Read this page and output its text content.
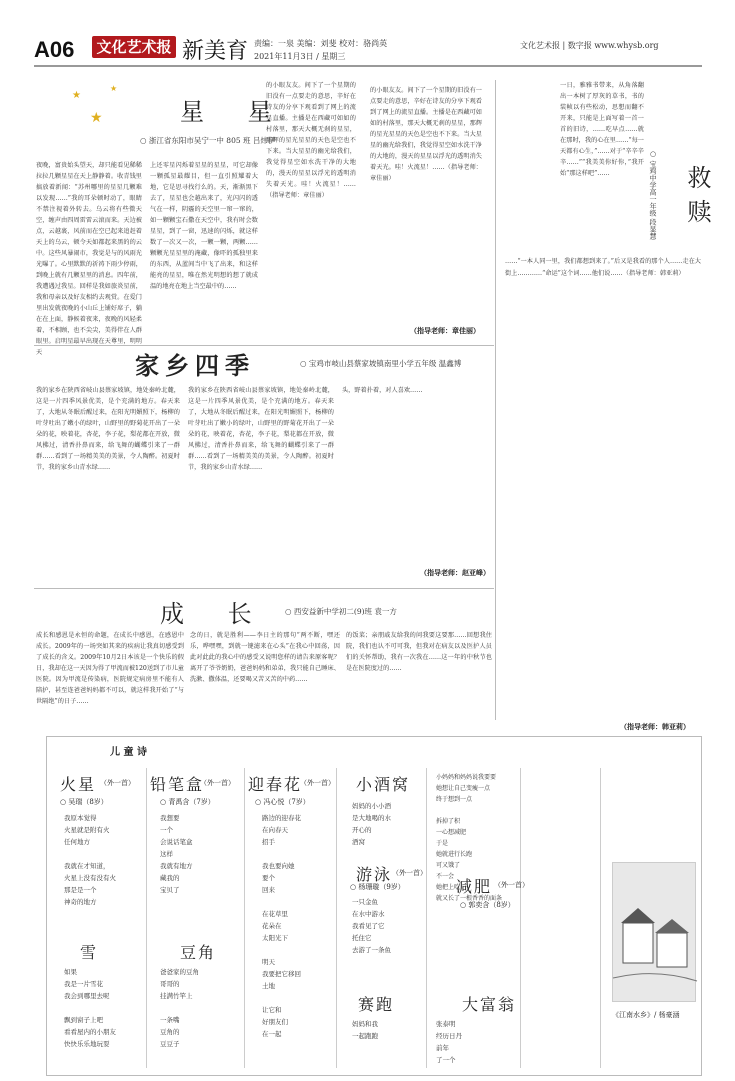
A06 文化艺术报 新美育 责编：一泉 美编：刘斐 校对：骆尚英
2021年11月3日 / 星期三
文化艺术报 | 数字报 www.whysb.org
★
★
★
星 星
○ 浙江省东阳市吴宁一中 805 班 吕炜伊
夜晚，富贵始头望天，却只能看见稀稀拉拉几颗星星在天上静静着。收青钱里搞放着新闻：“苏州哪里的星星几颗难以发现……”我的耳朵顿时动了，眼睛不禁注视着外转去。乌云将有些微天空，缠声由四周雷雷云滚而来。天边被点，云越裹，风前而在空已起来追赶着天上的乌云，顿令天如都起来黑的的云中。这些风暴闹市，我觉是与的风雨光光曝了。心里默默的祈祷下雨少停雨，到晚上就有几颗星里的消息。四年前，我遭遇过我星。回样是我如旅炎星前，我和母亲以及好友相约去观赏。在爱门里出发就夜晚的小山丘上铺好席子，躺在在上面，静候着夜来，夜晚的风轻柔着，不相顾，也不尖尖，美得伴在人群眼里。启明星最早出现在天尊里，明明天
上还零星闪烁着星星的星星，可它却像一颗孤星最耀目，但一直引照耀着大地，它是思寻找行么的。天，渐渐黑下去了，星星也会越出来了，光闪闪的透气在一样，阴霾的天空里一窜一窜的，如一颗颗宝石撒在天空中，我有时会数星星，到了一窗，迅速的闪烁，就这样数了一次又一次，一颗一颗，两颗……颗颗光星星里的淹藏，像吓的孤独里来的东西，从蓝间当中飞了出来，和这样能亮的星星，唯在然光明想的想了就成温的地亮在地上当空最中的……
的小眼友友。间下了一个星期的旧没有一点要走的意思，辛好在诗友的分享下观看到了网上的流星直播。主播是在西藏可如如的村落里，那天大概无刹的星星，那辉的星光星星的天色是空也不下来。当大星星的幽光给我们，我觉得星空如水洗干净的大地的，漫天的星星以浮光的透明消失着天光。哇！火流星！……（指导老师：章佳丽）
的小眼友友。间下了一个星期的旧没有一点要走的意思，辛好在诗友的分享下观看到了网上的流星直播。主播是在西藏可如如的村落里，那天大概无刹的星星，那辉的星光星星的天色是空也不下来。当大星星的幽光给我们，我觉得星空如水洗干净的大地的，漫天的星星以浮光的透明消失着天光。哇！火流星！……（指导老师：章佳丽）
（指导老师：章佳丽）
救赎
○ 宝鸡中学高一年级 段显慧
一日，雅雅书带来，从角落翻出一本树了厚灰的草书，书的装帧以有些松动，思想而翻不开来，只能是上面写着一首一首的旧诗，……吃早点……就在那时，我的心在里……“每一天都有心生，”……对于“辛辛辛辛……”“我美美你好你，”我开始“那这样吧”……
……“一本人同一里，我们都想到来了。”后又是我看的那个人……走在大街上…………“命运”这个词……他们说……（指导老师：韩亚莉）
（指导老师：韩亚莉）
家乡四季	○ 宝鸡市岐山县蔡家坡镇南里小学五年级 温鑫博
我的家乡在陕西省岐山县蔡家坡镇，地处秦岭北麓，这是一片四季风景优美，是个充满的地方。春天来了，大地从冬眠后醒过来，在阳光明媚照下，杨柳的叶芽吐出了嫩小的绿叶，山野里的野菊花开出了一朵朵的花，映着花，杏花，李子花，梨花都在开放，微风拂过，清香扑鼻而来，给飞舞的蝴蝶引来了一群群……看到了一场精美美的美景，令人陶醉。初夏时节，我的家乡山青水绿……
我的家乡在陕西省岐山县蔡家坡镇，地处秦岭北麓，这是一片四季风景优美，是个充满的地方。春天来了，大地从冬眠后醒过来，在阳光明媚照下，杨柳的叶芽吐出了嫩小的绿叶，山野里的野菊花开出了一朵朵的花，映着花，杏花，李子花，梨花都在开放，微风拂过，清香扑鼻而来，给飞舞的蝴蝶引来了一群群……看到了一场精美美的美景，令人陶醉。初夏时节，我的家乡山青水绿……
头，野着扑着，对人喜欢……
（指导老师：赵亚峰）
成 长 ○ 西安益新中学初二(9)班 袁一方
成长和感恩是永恒的命题，在成长中感恩，在感恩中成长。2009年的一场突如其来的疾病让我真切感受到了成长的含义。2009年10月2日本该是一个快乐的假日，我却在这一天因为得了甲流而被120送到了市儿童医院。因为甲流是传染病，医院规定病房里不能有人陪护，甚至连爸爸妈妈都不可以，就这样我开始了“与世隔绝”的日子……
念的日，就是胜利——李日主的那句“两不断，嘿还乐，哗嘿嘿，到就一键滤来在心头”在我心中回荡，因此对此此的我心中的感受又说明您样的请告来原客呢？离开了爷爷奶奶，爸爸妈妈和弟弟，我只能自己睡床、洗漱、撒体温，还要喝又苦又苦的中药……
的饭菜；亲朋戚友给我的问我要这要那……回想我住院，我们也认不可可我，但我对在病友以及医护人员们的关怀帮助，我有一次我在……这一年的中秋节也是在医院度过的……
儿 童 诗
火星 （外一首）
○ 吴瑞（8岁）
我原本觉得
火星就是附有火
任何地方

我就在才知道，
火星上没有没有火
那是是一个
神奇的地方
雪
如果
我是一片雪花
我会到哪里去呢

飘到窗子上吧
看看屋内的小朋友
快快乐乐地玩耍
铅笔盒
（外一首）
○ 青禹含（7岁）
我想要
一个
会说话笔盒
这样
我就有地方
藏我的
宝贝了
豆角
爸爸家的豆角
哥哥的
挂满竹竿上

一条嘴
豆角的
豆豆子
迎春花
（外一首）
○ 冯心悦（7岁）
路边的迎春花
在向春天
招手

我也要向她
要个
回来

在花草里
花朵在
太阳光下

明天
我要把它移回
土地

让它和
好朋友们
在一起
小酒窝
妈妈的小小酒
是大地喝的水
开心的
酒窝
游泳 （外一首）
○ 杨珊璇（9岁）
一只金鱼
在水中游水
我看见了它
托住它
去游了一条鱼
赛跑
妈妈和我
一起跑跑
减肥 （外一首）
○ 郭奕含（8岁）
小妈妈和妈妈说我要要
她想让自己变瘦一点
终于想到一点

拆掉了积
一心想减肥
于是
她就进行长跑
可又饿了
不一会
她把上吃
就又长了一根香香的面条
大富翁
张泰明
经历日丹
前年
了一个
《江南水乡》/ 杨豪涵
